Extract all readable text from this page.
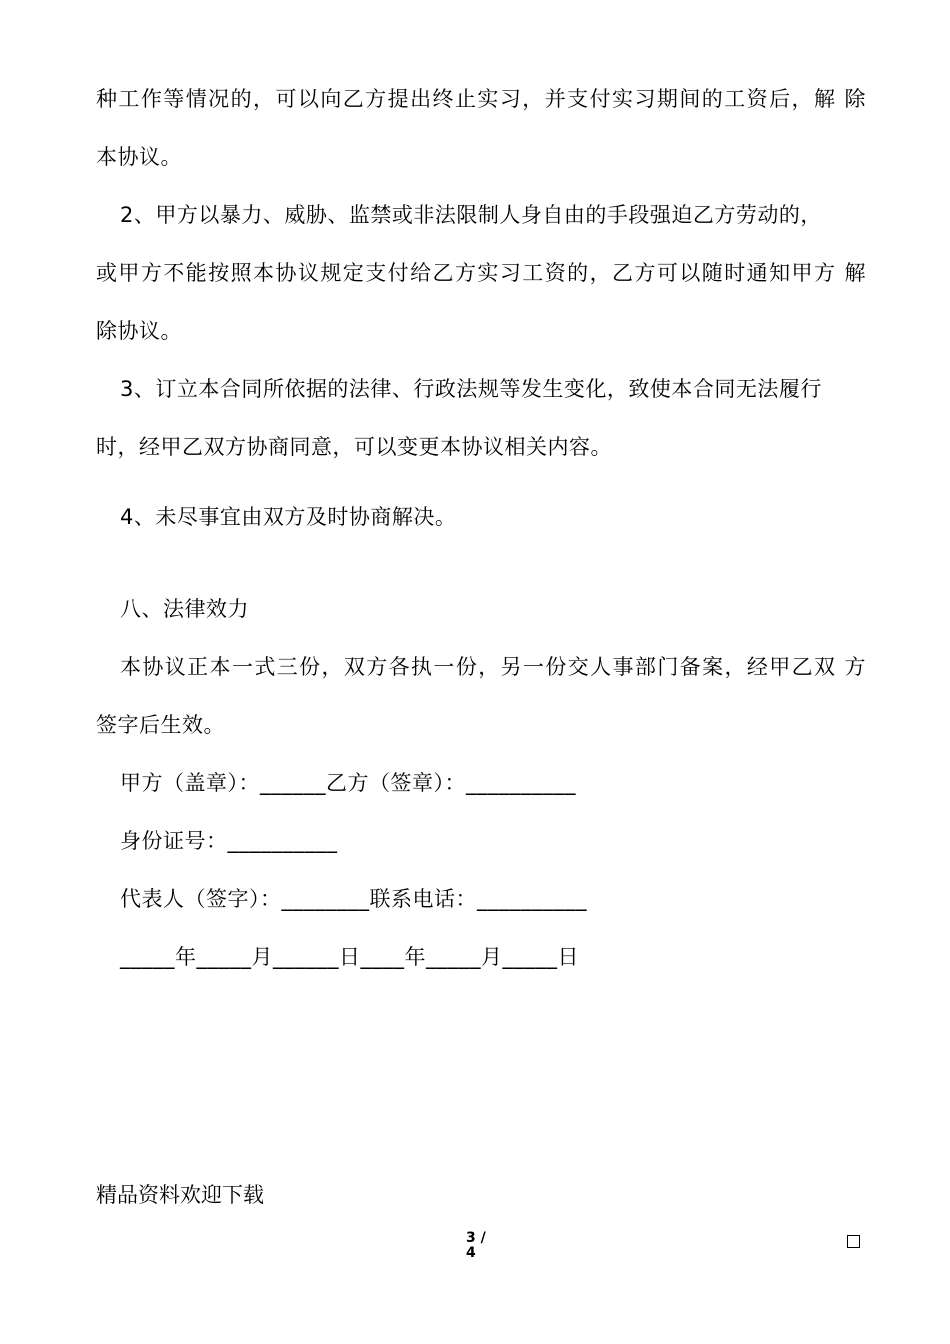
种工作等情况的，可以向乙方提出终止实习，并支付实习期间的工资后，解 除
本协议。
2、甲方以暴力、威胁、监禁或非法限制人身自由的手段强迫乙方劳动的，
或甲方不能按照本协议规定支付给乙方实习工资的，乙方可以随时通知甲方 解
除协议。
3、订立本合同所依据的法律、行政法规等发生变化，致使本合同无法履行
时，经甲乙双方协商同意，可以变更本协议相关内容。
4、未尽事宜由双方及时协商解决。
八、法律效力
本协议正本一式三份，双方各执一份，另一份交人事部门备案，经甲乙双 方
签字后生效。
甲方（盖章）：______乙方（签章）：__________
身份证号：__________
代表人（签字）：________联系电话：__________
_____年_____月______日____年_____月_____日
精品资料欢迎下载
3 /
4
